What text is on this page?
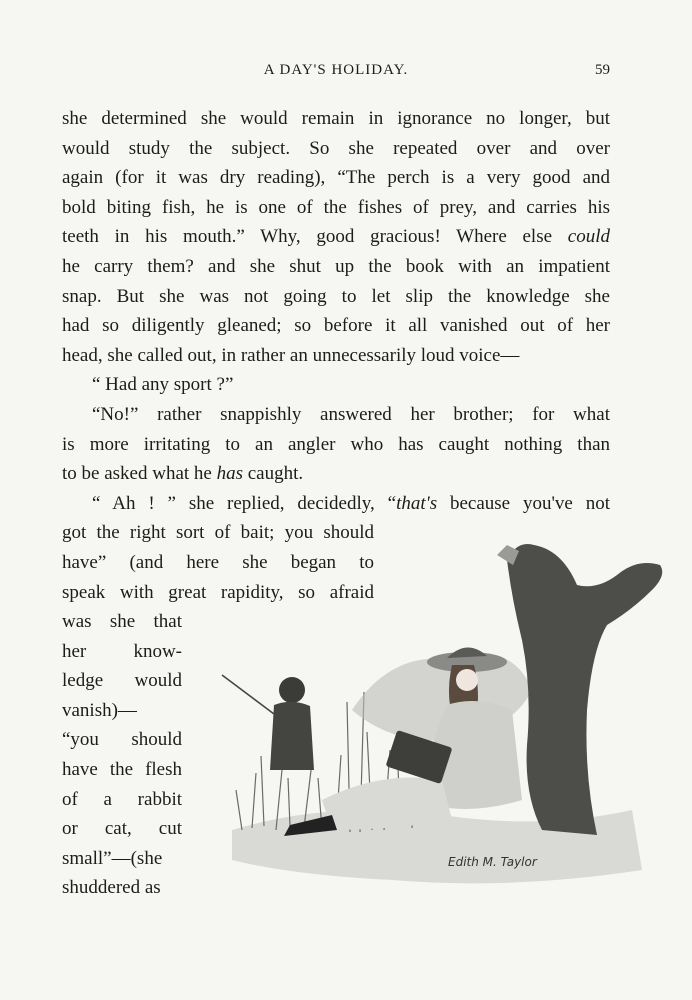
A DAY'S HOLIDAY.	59
she determined she would remain in ignorance no longer, but
would study the subject. So she repeated over and over
again (for it was dry reading), “The perch is a very good and
bold biting fish, he is one of the fishes of prey, and carries his
teeth in his mouth.” Why, good gracious! Where else could
he carry them? and she shut up the book with an impatient
snap. But she was not going to let slip the knowledge she
had so diligently gleaned; so before it all vanished out of her
head, she called out, in rather an unnecessarily loud voice—
“ Had any sport ?”
“No!” rather snappishly answered her brother; for what
is more irritating to an angler who has caught nothing than
to be asked what he has caught.
“ Ah ! ” she replied, decidedly, “that's because you've not
got the right sort of bait; you should
have” (and here she began to
speak with great rapidity, so afraid
was she that
her know-
ledge would
vanish)—
“you should
have the flesh
of a rabbit
or cat, cut
small”—(she
shuddered as
Edith M. Taylor
